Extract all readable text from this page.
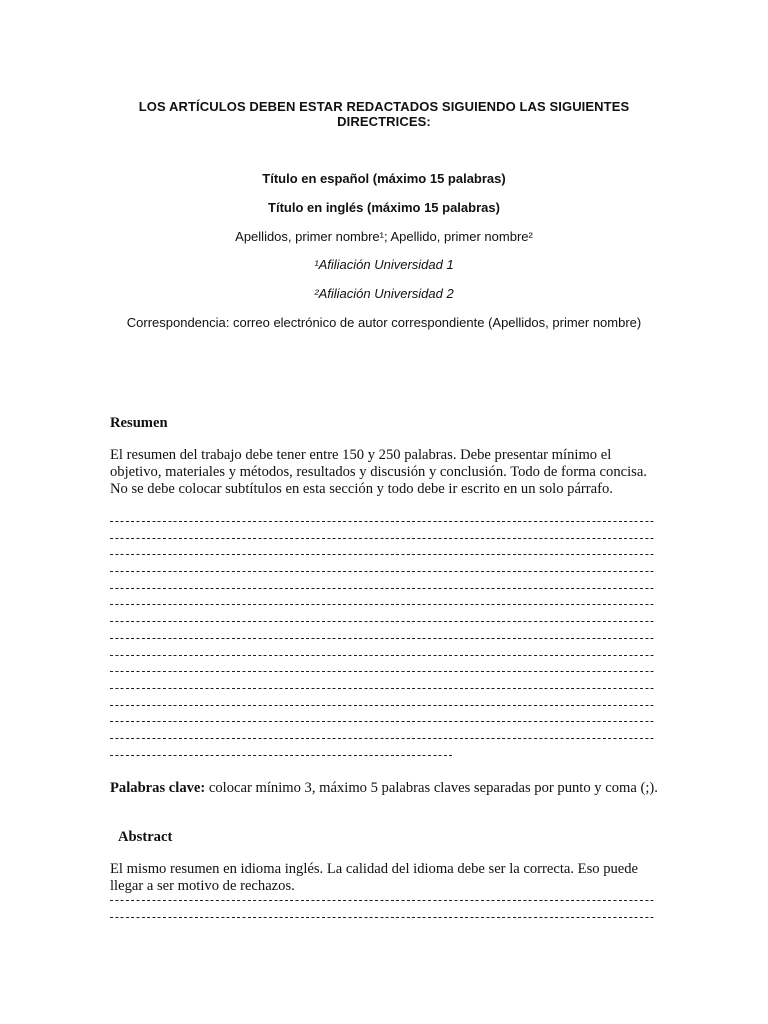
LOS ARTÍCULOS DEBEN ESTAR REDACTADOS SIGUIENDO LAS SIGUIENTES DIRECTRICES:

Título en español (máximo 15 palabras)

Título en inglés (máximo 15 palabras)

Apellidos, primer nombre¹; Apellido, primer nombre²

¹Afiliación Universidad 1

²Afiliación Universidad 2

Correspondencia: correo electrónico de autor correspondiente (Apellidos, primer nombre)

Resumen

El resumen del trabajo debe tener entre 150 y 250 palabras. Debe presentar mínimo el objetivo, materiales y métodos, resultados y discusión y conclusión. Todo de forma concisa. No se debe colocar subtítulos en esta sección y todo debe ir escrito en un solo párrafo.

Palabras clave: colocar mínimo 3, máximo 5 palabras claves separadas por punto y coma (;).

Abstract

El mismo resumen en idioma inglés. La calidad del idioma debe ser la correcta. Eso puede llegar a ser motivo de rechazos.
